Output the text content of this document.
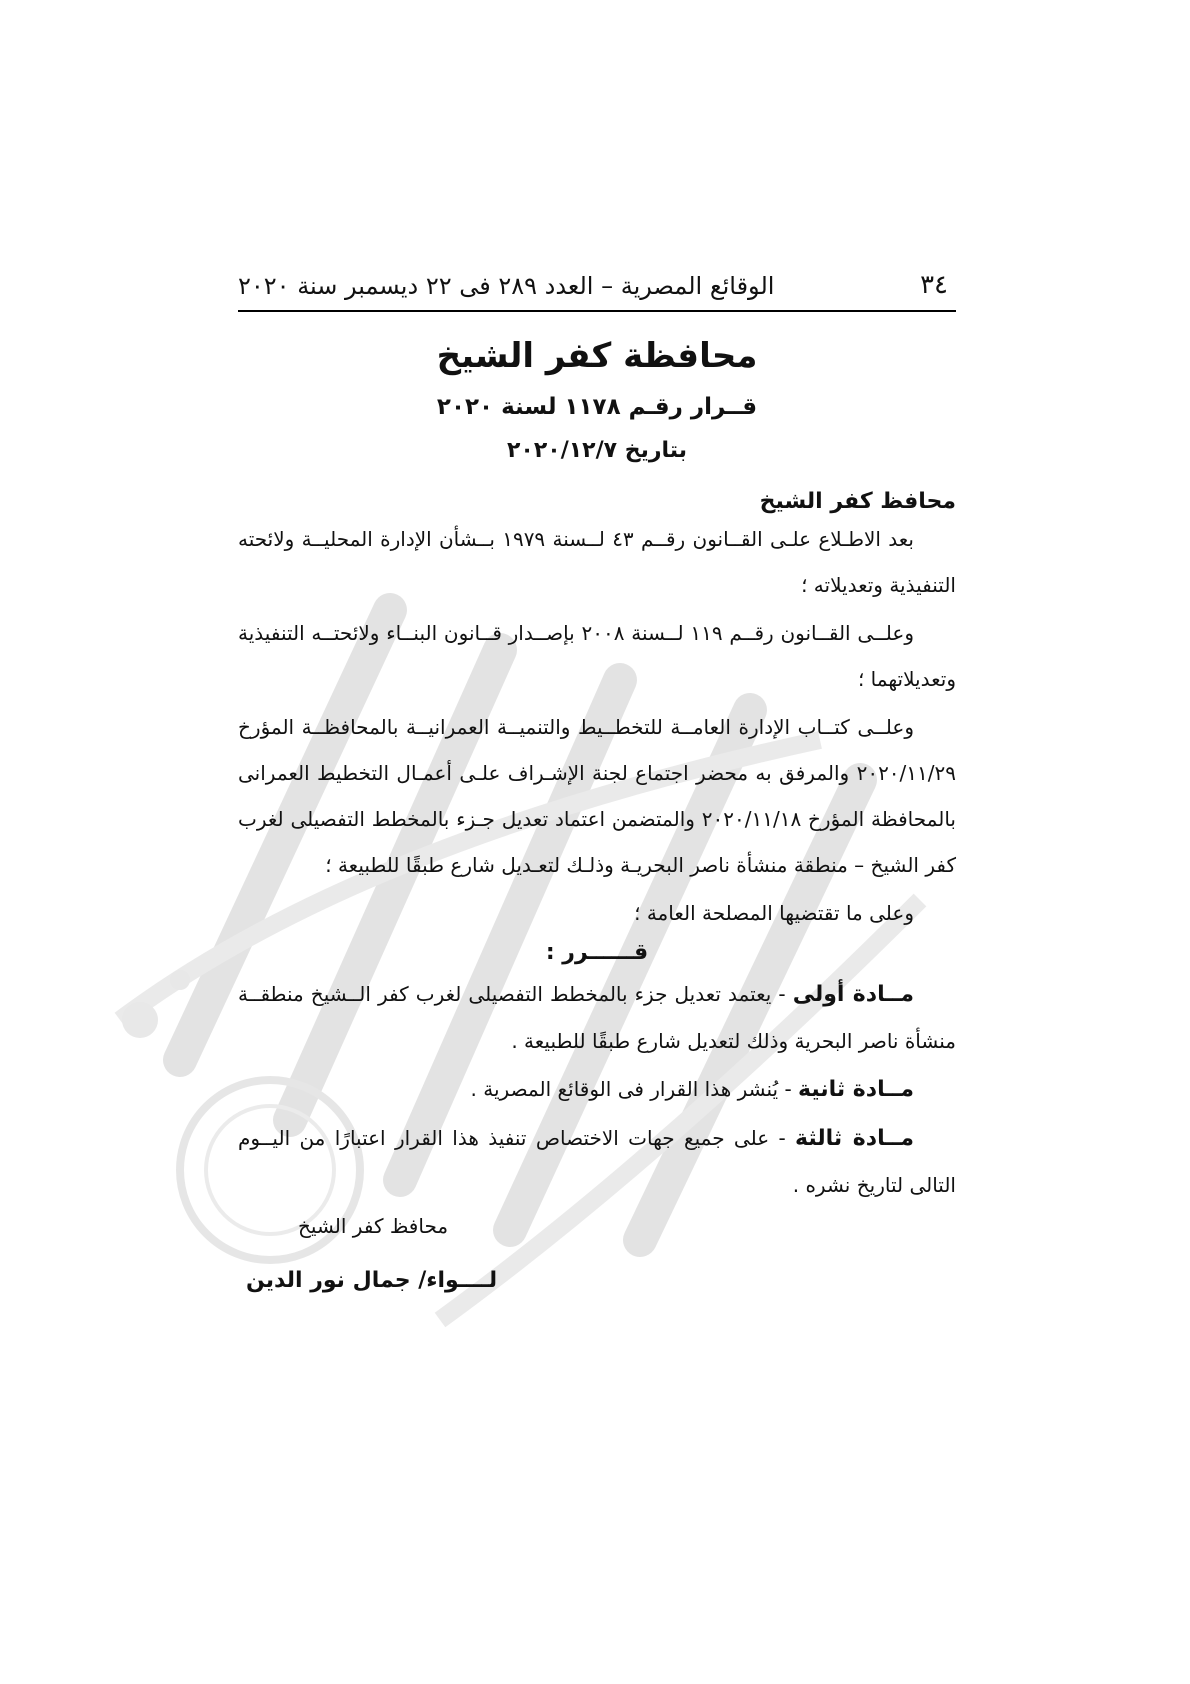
٣٤
الوقائع المصرية – العدد ٢٨٩ فى ٢٢ ديسمبر سنة ٢٠٢٠
محافظة كفر الشيخ
قــرار رقـم ١١٧٨ لسنة ٢٠٢٠
بتاريخ ٢٠٢٠/١٢/٧
محافظ كفر الشيخ
بعد الاطـلاع علـى القــانون رقــم ٤٣ لــسنة ١٩٧٩ بــشأن الإدارة المحليــة ولائحته التنفيذية وتعديلاته ؛
وعلــى القــانون رقــم ١١٩ لــسنة ٢٠٠٨ بإصــدار قــانون البنــاء ولائحتــه التنفيذية وتعديلاتهما ؛
وعلــى كتــاب الإدارة العامــة للتخطــيط والتنميــة العمرانيــة بالمحافظــة المؤرخ ٢٠٢٠/١١/٢٩ والمرفق به محضر اجتماع لجنة الإشـراف علـى أعمـال التخطيط العمرانى بالمحافظة المؤرخ ٢٠٢٠/١١/١٨ والمتضمن اعتماد تعديل جـزء بالمخطط التفصيلى لغرب كفر الشيخ – منطقة منشأة ناصر البحريـة وذلـك لتعـديل شارع طبقًا للطبيعة ؛
وعلى ما تقتضيها المصلحة العامة ؛
قــــــرر :
مــادة أولى - يعتمد تعديل جزء بالمخطط التفصيلى لغرب كفر الــشيخ منطقــة منشأة ناصر البحرية وذلك لتعديل شارع طبقًا للطبيعة .
مــادة ثانية - يُنشر هذا القرار فى الوقائع المصرية .
مــادة ثالثة - على جميع جهات الاختصاص تنفيذ هذا القرار اعتبارًا من اليــوم التالى لتاريخ نشره .
محافظ كفر الشيخ
لــــواء/ جمال نور الدين
